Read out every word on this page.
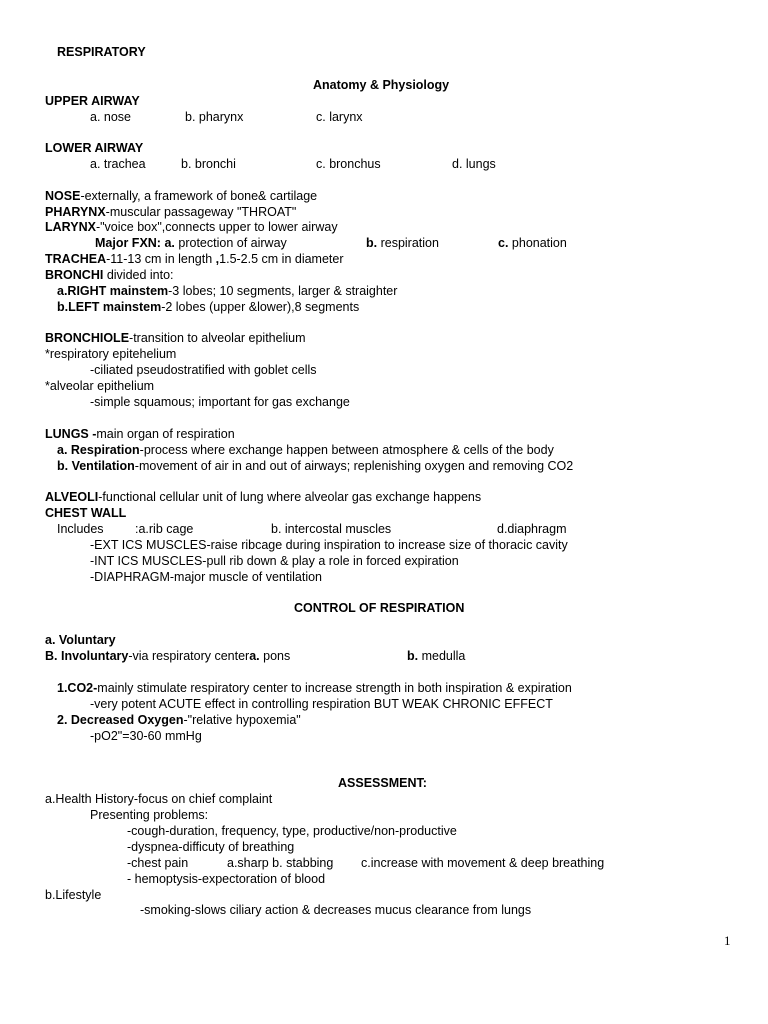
RESPIRATORY
Anatomy & Physiology
UPPER AIRWAY
a. nose	b. pharynx	c. larynx
LOWER AIRWAY
a. trachea	b. bronchi	c. bronchus	d. lungs
NOSE-externally, a framework of bone& cartilage
PHARYNX-muscular passageway "THROAT"
LARYNX-"voice box",connects upper to lower airway
Major FXN: a. protection of airway	b. respiration	c. phonation
TRACHEA-11-13 cm in length ,1.5-2.5 cm in diameter
BRONCHI divided into:
a.RIGHT mainstem-3 lobes; 10 segments, larger & straighter
b.LEFT mainstem-2 lobes (upper &lower),8 segments
BRONCHIOLE-transition to alveolar epithelium
*respiratory epitehelium
-ciliated pseudostratified with goblet cells
*alveolar epithelium
-simple squamous; important for gas exchange
LUNGS -main organ of respiration
a. Respiration-process where exchange happen between atmosphere & cells of the body
b. Ventilation-movement of air in and out of airways; replenishing oxygen and removing CO2
ALVEOLI-functional cellular unit of lung where alveolar gas exchange happens
CHEST WALL
Includes	:a.rib cage	b. intercostal muscles	d.diaphragm
-EXT ICS MUSCLES-raise ribcage during inspiration to increase size of thoracic cavity
-INT ICS MUSCLES-pull rib down & play a role in forced expiration
-DIAPHRAGM-major muscle of ventilation
CONTROL OF RESPIRATION
a. Voluntary
B. Involuntary-via respiratory centera. pons	b. medulla
1.CO2-mainly stimulate respiratory center to increase strength in both inspiration & expiration
-very potent ACUTE effect in controlling respiration BUT WEAK CHRONIC EFFECT
2. Decreased Oxygen-"relative hypoxemia"
-pO2"=30-60 mmHg
ASSESSMENT:
a.Health History-focus on chief complaint
Presenting problems:
-cough-duration, frequency, type, productive/non-productive
-dyspnea-difficuty of breathing
-chest pain	a.sharp b. stabbing c.increase with movement & deep breathing
- hemoptysis-expectoration of blood
b.Lifestyle
-smoking-slows ciliary action & decreases mucus clearance from lungs
1
